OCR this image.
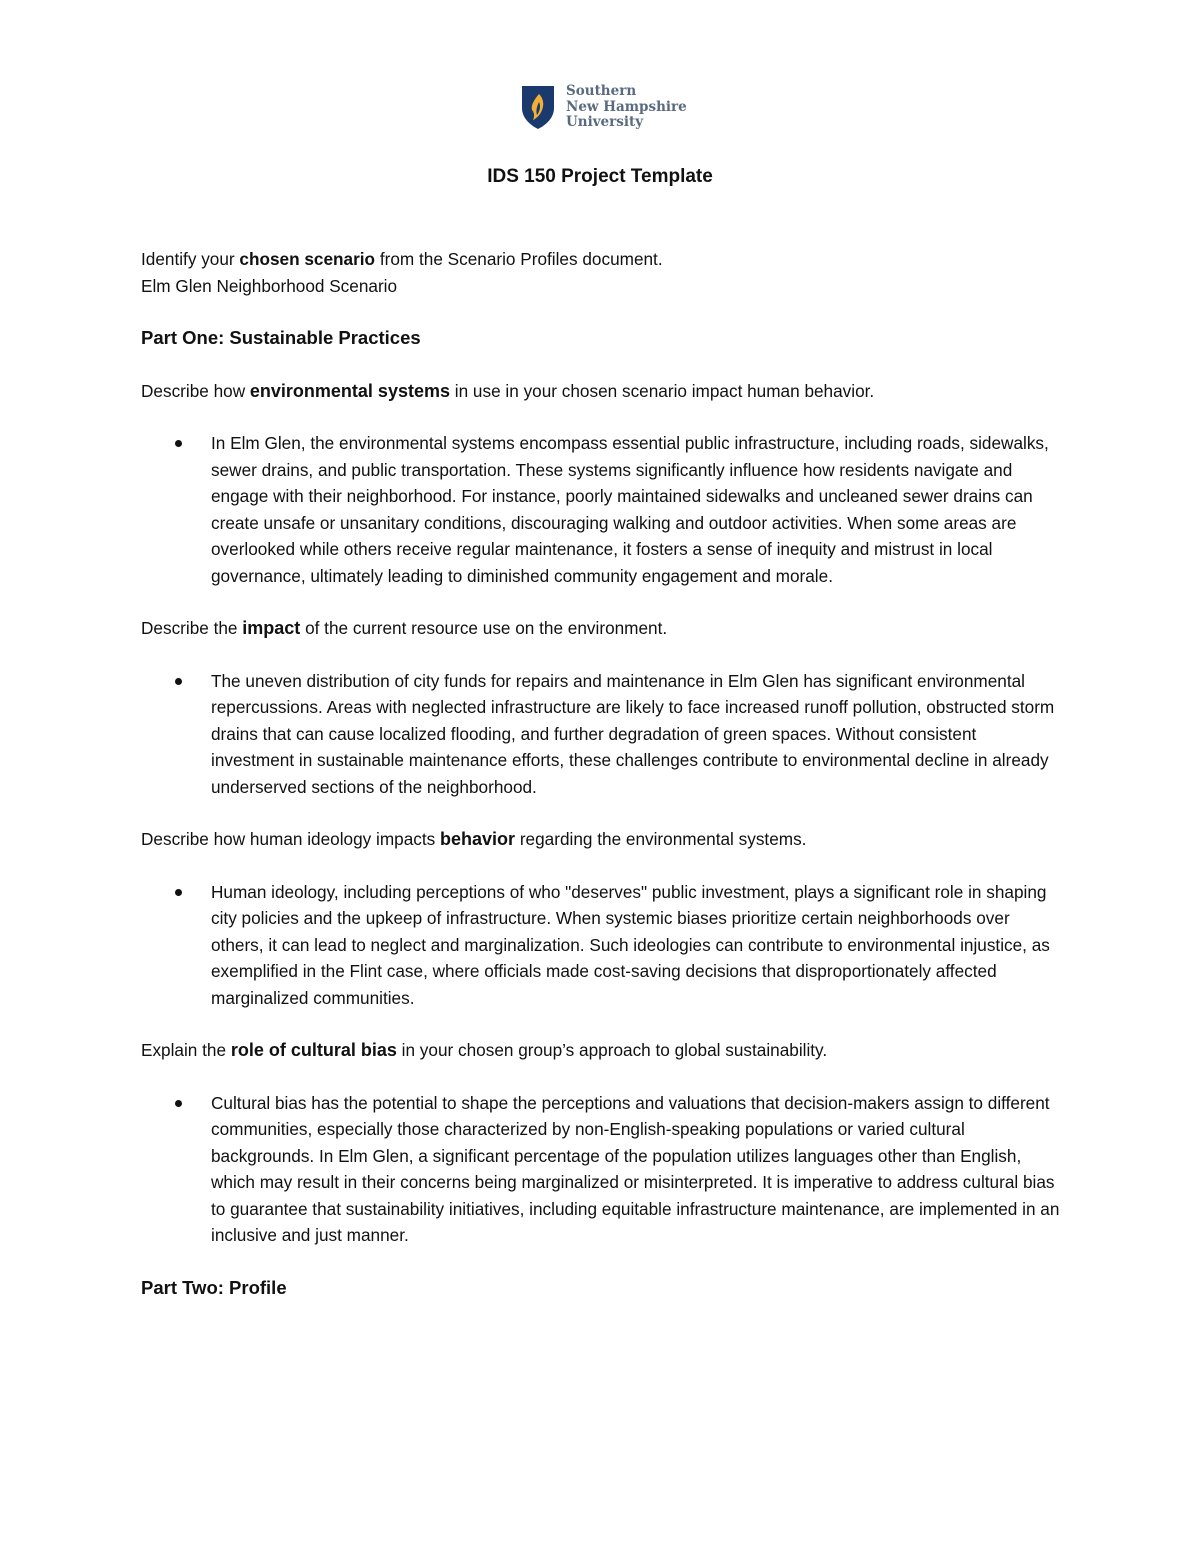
Southern
New Hampshire
University
IDS 150 Project Template

Identify your chosen scenario from the Scenario Profiles document.

Elm Glen Neighborhood Scenario

Part One: Sustainable Practices

Describe how environmental systems in use in your chosen scenario impact human behavior.

In Elm Glen, the environmental systems encompass essential public infrastructure, including roads, sidewalks, sewer drains, and public transportation. These systems significantly influence how residents navigate and engage with their neighborhood. For instance, poorly maintained sidewalks and uncleaned sewer drains can create unsafe or unsanitary conditions, discouraging walking and outdoor activities. When some areas are overlooked while others receive regular maintenance, it fosters a sense of inequity and mistrust in local governance, ultimately leading to diminished community engagement and morale.

Describe the impact of the current resource use on the environment.

The uneven distribution of city funds for repairs and maintenance in Elm Glen has significant environmental repercussions. Areas with neglected infrastructure are likely to face increased runoff pollution, obstructed storm drains that can cause localized flooding, and further degradation of green spaces. Without consistent investment in sustainable maintenance efforts, these challenges contribute to environmental decline in already underserved sections of the neighborhood.

Describe how human ideology impacts behavior regarding the environmental systems.

Human ideology, including perceptions of who "deserves" public investment, plays a significant role in shaping city policies and the upkeep of infrastructure. When systemic biases prioritize certain neighborhoods over others, it can lead to neglect and marginalization. Such ideologies can contribute to environmental injustice, as exemplified in the Flint case, where officials made cost-saving decisions that disproportionately affected marginalized communities.

Explain the role of cultural bias in your chosen group’s approach to global sustainability.

Cultural bias has the potential to shape the perceptions and valuations that decision-makers assign to different communities, especially those characterized by non-English-speaking populations or varied cultural backgrounds. In Elm Glen, a significant percentage of the population utilizes languages other than English, which may result in their concerns being marginalized or misinterpreted. It is imperative to address cultural bias to guarantee that sustainability initiatives, including equitable infrastructure maintenance, are implemented in an inclusive and just manner.

Part Two: Profile
